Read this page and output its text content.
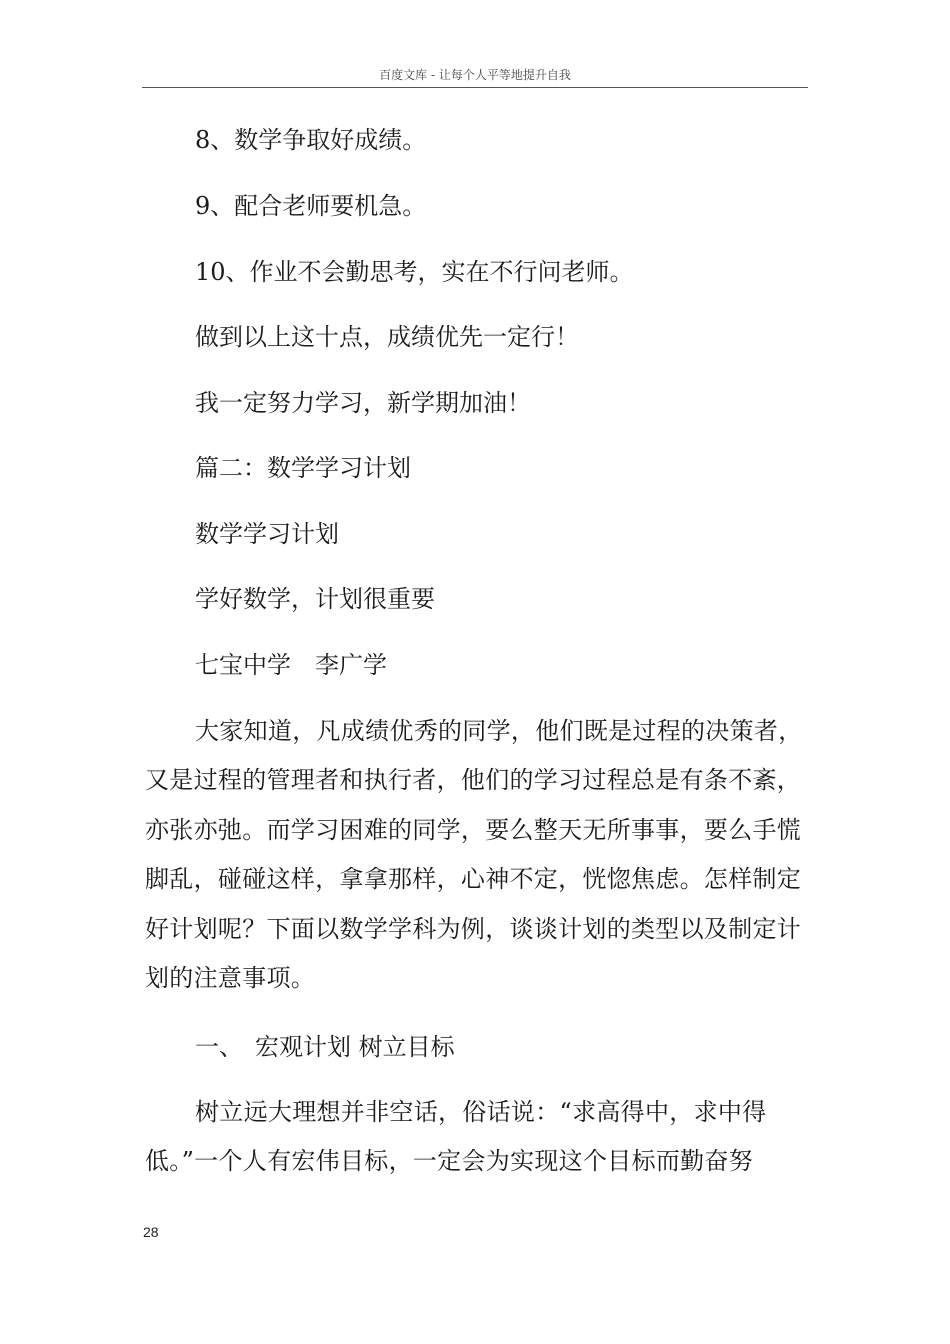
百度文库 - 让每个人平等地提升自我
8、数学争取好成绩。
9、配合老师要机急。
10、作业不会勤思考，实在不行问老师。
做到以上这十点，成绩优先一定行！
我一定努力学习，新学期加油！
篇二：数学学习计划
数学学习计划
学好数学，计划很重要
七宝中学　李广学
大家知道，凡成绩优秀的同学，他们既是过程的决策者，又是过程的管理者和执行者，他们的学习过程总是有条不紊，亦张亦弛。而学习困难的同学，要么整天无所事事，要么手慌脚乱，碰碰这样，拿拿那样，心神不定，恍惚焦虑。怎样制定好计划呢？下面以数学学科为例，谈谈计划的类型以及制定计划的注意事项。
一、　宏观计划 树立目标
树立远大理想并非空话，俗话说：“求高得中，求中得低。”一个人有宏伟目标，一定会为实现这个目标而勤奋努
28
